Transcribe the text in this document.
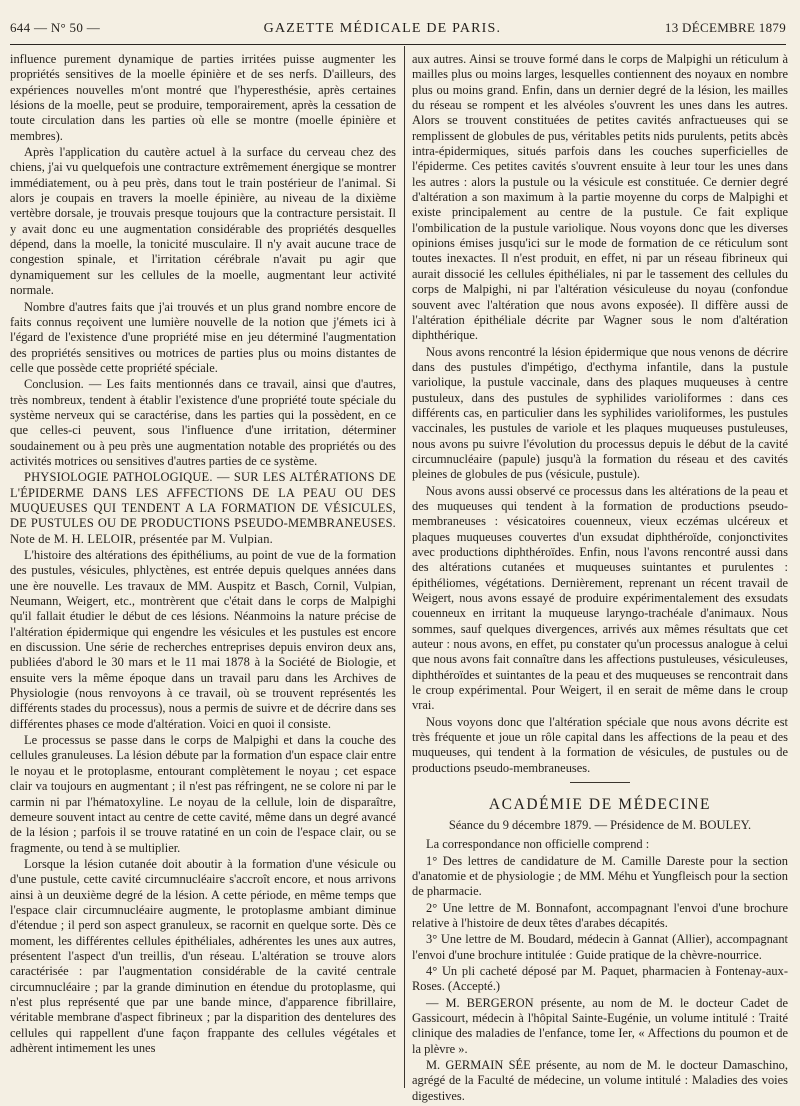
644 — N° 50 —	GAZETTE MÉDICALE DE PARIS.	13 DÉCEMBRE 1879

influence purement dynamique de parties irritées puisse augmenter les propriétés sensitives de la moelle épinière et de ses nerfs. D'ailleurs, des expériences nouvelles m'ont montré que l'hyperesthésie, après certaines lésions de la moelle, peut se produire, temporairement, après la cessation de toute circulation dans les parties où elle se montre (moelle épinière et membres).

Après l'application du cautère actuel à la surface du cerveau chez des chiens, j'ai vu quelquefois une contracture extrêmement énergique se montrer immédiatement, ou à peu près, dans tout le train postérieur de l'animal. Si alors je coupais en travers la moelle épinière, au niveau de la dixième vertèbre dorsale, je trouvais presque toujours que la contracture persistait. Il y avait donc eu une augmentation considérable des propriétés desquelles dépend, dans la moelle, la tonicité musculaire. Il n'y avait aucune trace de congestion spinale, et l'irritation cérébrale n'avait pu agir que dynamiquement sur les cellules de la moelle, augmentant leur activité normale.

Nombre d'autres faits que j'ai trouvés et un plus grand nombre encore de faits connus reçoivent une lumière nouvelle de la notion que j'émets ici à l'égard de l'existence d'une propriété mise en jeu déterminé l'augmentation des propriétés sensitives ou motrices de parties plus ou moins distantes de celle que possède cette propriété spéciale.

Conclusion. — Les faits mentionnés dans ce travail, ainsi que d'autres, très nombreux, tendent à établir l'existence d'une propriété toute spéciale du système nerveux qui se caractérise, dans les parties qui la possèdent, en ce que celles-ci peuvent, sous l'influence d'une irritation, déterminer soudainement ou à peu près une augmentation notable des propriétés ou des activités motrices ou sensitives d'autres parties de ce système.

PHYSIOLOGIE PATHOLOGIQUE. — SUR LES ALTÉRATIONS DE L'ÉPIDERME DANS LES AFFECTIONS DE LA PEAU OU DES MUQUEUSES QUI TENDENT A LA FORMATION DE VÉSICULES, DE PUSTULES OU DE PRODUCTIONS PSEUDO-MEMBRANEUSES. Note de M. H. LELOIR, présentée par M. Vulpian.

L'histoire des altérations des épithéliums, au point de vue de la formation des pustules, vésicules, phlyctènes, est entrée depuis quelques années dans une ère nouvelle. Les travaux de MM. Auspitz et Basch, Cornil, Vulpian, Neumann, Weigert, etc., montrèrent que c'était dans le corps de Malpighi qu'il fallait étudier le début de ces lésions. Néanmoins la nature précise de l'altération épidermique qui engendre les vésicules et les pustules est encore en discussion. Une série de recherches entreprises depuis environ deux ans, publiées d'abord le 30 mars et le 11 mai 1878 à la Société de Biologie, et ensuite vers la même époque dans un travail paru dans les Archives de Physiologie (nous renvoyons à ce travail, où se trouvent représentés les différents stades du processus), nous a permis de suivre et de décrire dans ses différentes phases ce mode d'altération. Voici en quoi il consiste.

Le processus se passe dans le corps de Malpighi et dans la couche des cellules granuleuses. La lésion débute par la formation d'un espace clair entre le noyau et le protoplasme, entourant complètement le noyau ; cet espace clair va toujours en augmentant ; il n'est pas réfringent, ne se colore ni par le carmin ni par l'hématoxyline. Le noyau de la cellule, loin de disparaître, demeure souvent intact au centre de cette cavité, même dans un degré avancé de la lésion ; parfois il se trouve ratatiné en un coin de l'espace clair, ou se fragmente, ou tend à se multiplier.

Lorsque la lésion cutanée doit aboutir à la formation d'une vésicule ou d'une pustule, cette cavité circumnucléaire s'accroît encore, et nous arrivons ainsi à un deuxième degré de la lésion. A cette période, en même temps que l'espace clair circumnucléaire augmente, le protoplasme ambiant diminue d'étendue ; il perd son aspect granuleux, se racornit en quelque sorte. Dès ce moment, les différentes cellules épithéliales, adhérentes les unes aux autres, présentent l'aspect d'un treillis, d'un réseau. L'altération se trouve alors caractérisée : par l'augmentation considérable de la cavité centrale circumnucléaire ; par la grande diminution en étendue du protoplasme, qui n'est plus représenté que par une bande mince, d'apparence fibrillaire, véritable membrane d'aspect fibrineux ; par la disparition des dentelures des cellules qui rappellent d'une façon frappante des cellules végétales et adhèrent intimement les unes

aux autres. Ainsi se trouve formé dans le corps de Malpighi un réticulum à mailles plus ou moins larges, lesquelles contiennent des noyaux en nombre plus ou moins grand. Enfin, dans un dernier degré de la lésion, les mailles du réseau se rompent et les alvéoles s'ouvrent les unes dans les autres. Alors se trouvent constituées de petites cavités anfractueuses qui se remplissent de globules de pus, véritables petits nids purulents, petits abcès intra-épidermiques, situés parfois dans les couches superficielles de l'épiderme. Ces petites cavités s'ouvrent ensuite à leur tour les unes dans les autres : alors la pustule ou la vésicule est constituée. Ce dernier degré d'altération a son maximum à la partie moyenne du corps de Malpighi et existe principalement au centre de la pustule. Ce fait explique l'ombilication de la pustule variolique. Nous voyons donc que les diverses opinions émises jusqu'ici sur le mode de formation de ce réticulum sont toutes inexactes. Il n'est produit, en effet, ni par un réseau fibrineux qui aurait dissocié les cellules épithéliales, ni par le tassement des cellules du corps de Malpighi, ni par l'altération vésiculeuse du noyau (confondue souvent avec l'altération que nous avons exposée). Il diffère aussi de l'altération épithéliale décrite par Wagner sous le nom d'altération diphthérique.

Nous avons rencontré la lésion épidermique que nous venons de décrire dans des pustules d'impétigo, d'ecthyma infantile, dans la pustule variolique, la pustule vaccinale, dans des plaques muqueuses à centre pustuleux, dans des pustules de syphilides varioliformes : dans ces différents cas, en particulier dans les syphilides varioliformes, les pustules vaccinales, les pustules de variole et les plaques muqueuses pustuleuses, nous avons pu suivre l'évolution du processus depuis le début de la cavité circumnucléaire (papule) jusqu'à la formation du réseau et des cavités pleines de globules de pus (vésicule, pustule).

Nous avons aussi observé ce processus dans les altérations de la peau et des muqueuses qui tendent à la formation de productions pseudo-membraneuses : vésicatoires couenneux, vieux eczémas ulcéreux et plaques muqueuses couvertes d'un exsudat diphthéroïde, conjonctivites avec productions diphthéroïdes. Enfin, nous l'avons rencontré aussi dans des altérations cutanées et muqueuses suintantes et purulentes : épithéliomes, végétations. Dernièrement, reprenant un récent travail de Weigert, nous avons essayé de produire expérimentalement des exsudats couenneux en irritant la muqueuse laryngo-trachéale d'animaux. Nous sommes, sauf quelques divergences, arrivés aux mêmes résultats que cet auteur : nous avons, en effet, pu constater qu'un processus analogue à celui que nous avons fait connaître dans les affections pustuleuses, vésiculeuses, diphthéroïdes et suintantes de la peau et des muqueuses se rencontrait dans le croup expérimental. Pour Weigert, il en serait de même dans le croup vrai.

Nous voyons donc que l'altération spéciale que nous avons décrite est très fréquente et joue un rôle capital dans les affections de la peau et des muqueuses, qui tendent à la formation de vésicules, de pustules ou de productions pseudo-membraneuses.

ACADÉMIE DE MÉDECINE
Séance du 9 décembre 1879. — Présidence de M. BOULEY.

La correspondance non officielle comprend :

1° Des lettres de candidature de M. Camille Dareste pour la section d'anatomie et de physiologie ; de MM. Méhu et Yungfleisch pour la section de pharmacie.

2° Une lettre de M. Bonnafont, accompagnant l'envoi d'une brochure relative à l'histoire de deux têtes d'arabes décapités.

3° Une lettre de M. Boudard, médecin à Gannat (Allier), accompagnant l'envoi d'une brochure intitulée : Guide pratique de la chèvre-nourrice.

4° Un pli cacheté déposé par M. Paquet, pharmacien à Fontenay-aux-Roses. (Accepté.)

— M. BERGERON présente, au nom de M. le docteur Cadet de Gassicourt, médecin à l'hôpital Sainte-Eugénie, un volume intitulé : Traité clinique des maladies de l'enfance, tome Ier, « Affections du poumon et de la plèvre ».

M. GERMAIN SÉE présente, au nom de M. le docteur Damaschino, agrégé de la Faculté de médecine, un volume intitulé : Maladies des voies digestives.
